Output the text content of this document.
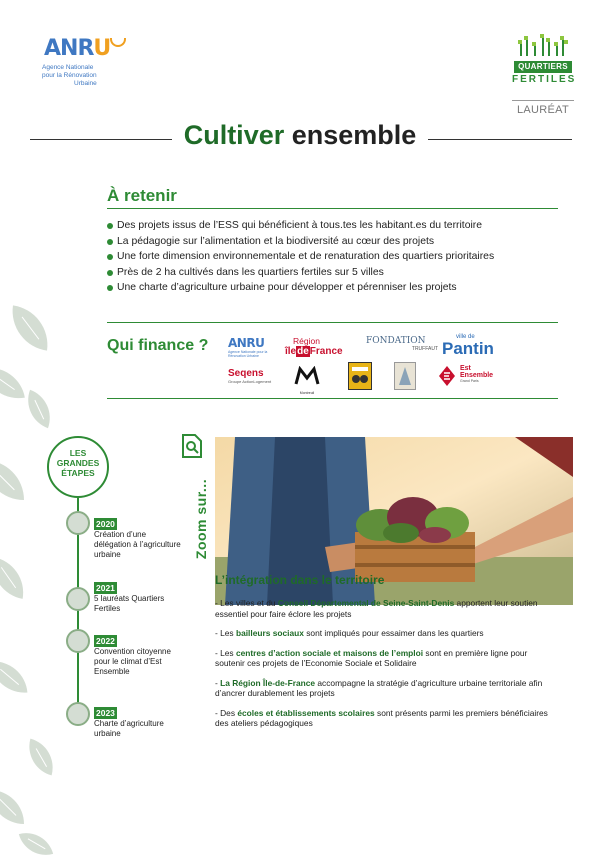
ANRU
Agence Nationale
pour la Rénovation
Urbaine
QUARTIERS
FERTILES
LAURÉAT
Cultiver ensemble
À retenir
Des projets issus de l’ESS qui bénéficient à tous.tes les habitant.es du territoire
La pédagogie sur l’alimentation et la biodiversité au cœur des projets
Une forte dimension environnementale et de renaturation des quartiers prioritaires
Près de 2 ha cultivés dans les quartiers fertiles sur 5 villes
Une charte d’agriculture urbaine pour développer et pérenniser les projets
Qui finance ? ANRU
Agence Nationale pour la Rénovation Urbaine
Région
îledeFrance
FONDATION
TRUFFAUT
ville de
Pantin
Seqens
Groupe ActionLogement
Montreuil
Est
Ensemble
Grand Paris
LES
GRANDES
ÉTAPES
2020
Création d’une délégation à l’agriculture urbaine
2021
5 lauréats Quartiers Fertiles
2022
Convention citoyenne pour le climat d’Est Ensemble
2023
Charte d’agriculture urbaine
Zoom sur...
L’intégration dans le territoire
- Les villes et du Conseil Départemental de Seine-Saint-Denis apportent leur soutien essentiel pour faire éclore les projets
- Les bailleurs sociaux sont impliqués pour essaimer dans les quartiers
- Les centres d’action sociale et maisons de l’emploi sont en première ligne pour soutenir ces projets de l’Economie Sociale et Solidaire
- La Région Île-de-France accompagne la stratégie d’agriculture urbaine territoriale afin d’ancrer durablement les projets
- Des écoles et établissements scolaires sont présents parmi les premiers bénéficiaires des ateliers pédagogiques
